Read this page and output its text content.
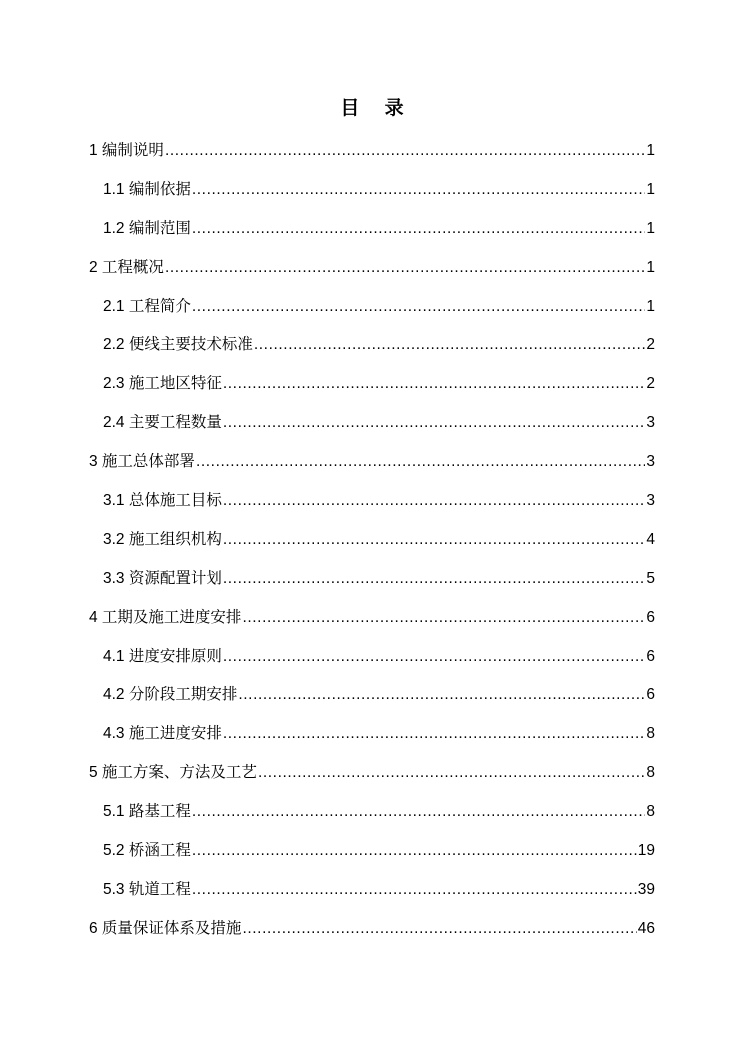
目 录
1 编制说明 .....	1
1.1 编制依据 .....	1
1.2 编制范围 .....	1
2 工程概况 .....	1
2.1 工程简介 .....	1
2.2 便线主要技术标准 .....	2
2.3 施工地区特征 .....	2
2.4 主要工程数量 .....	3
3 施工总体部署 .....	3
3.1 总体施工目标 .....	3
3.2 施工组织机构 .....	4
3.3 资源配置计划 .....	5
4 工期及施工进度安排 .....	6
4.1 进度安排原则 .....	6
4.2 分阶段工期安排 .....	6
4.3 施工进度安排 .....	8
5 施工方案、方法及工艺 .....	8
5.1 路基工程 .....	8
5.2 桥涵工程 .....	19
5.3 轨道工程 .....	39
6 质量保证体系及措施 .....	46
